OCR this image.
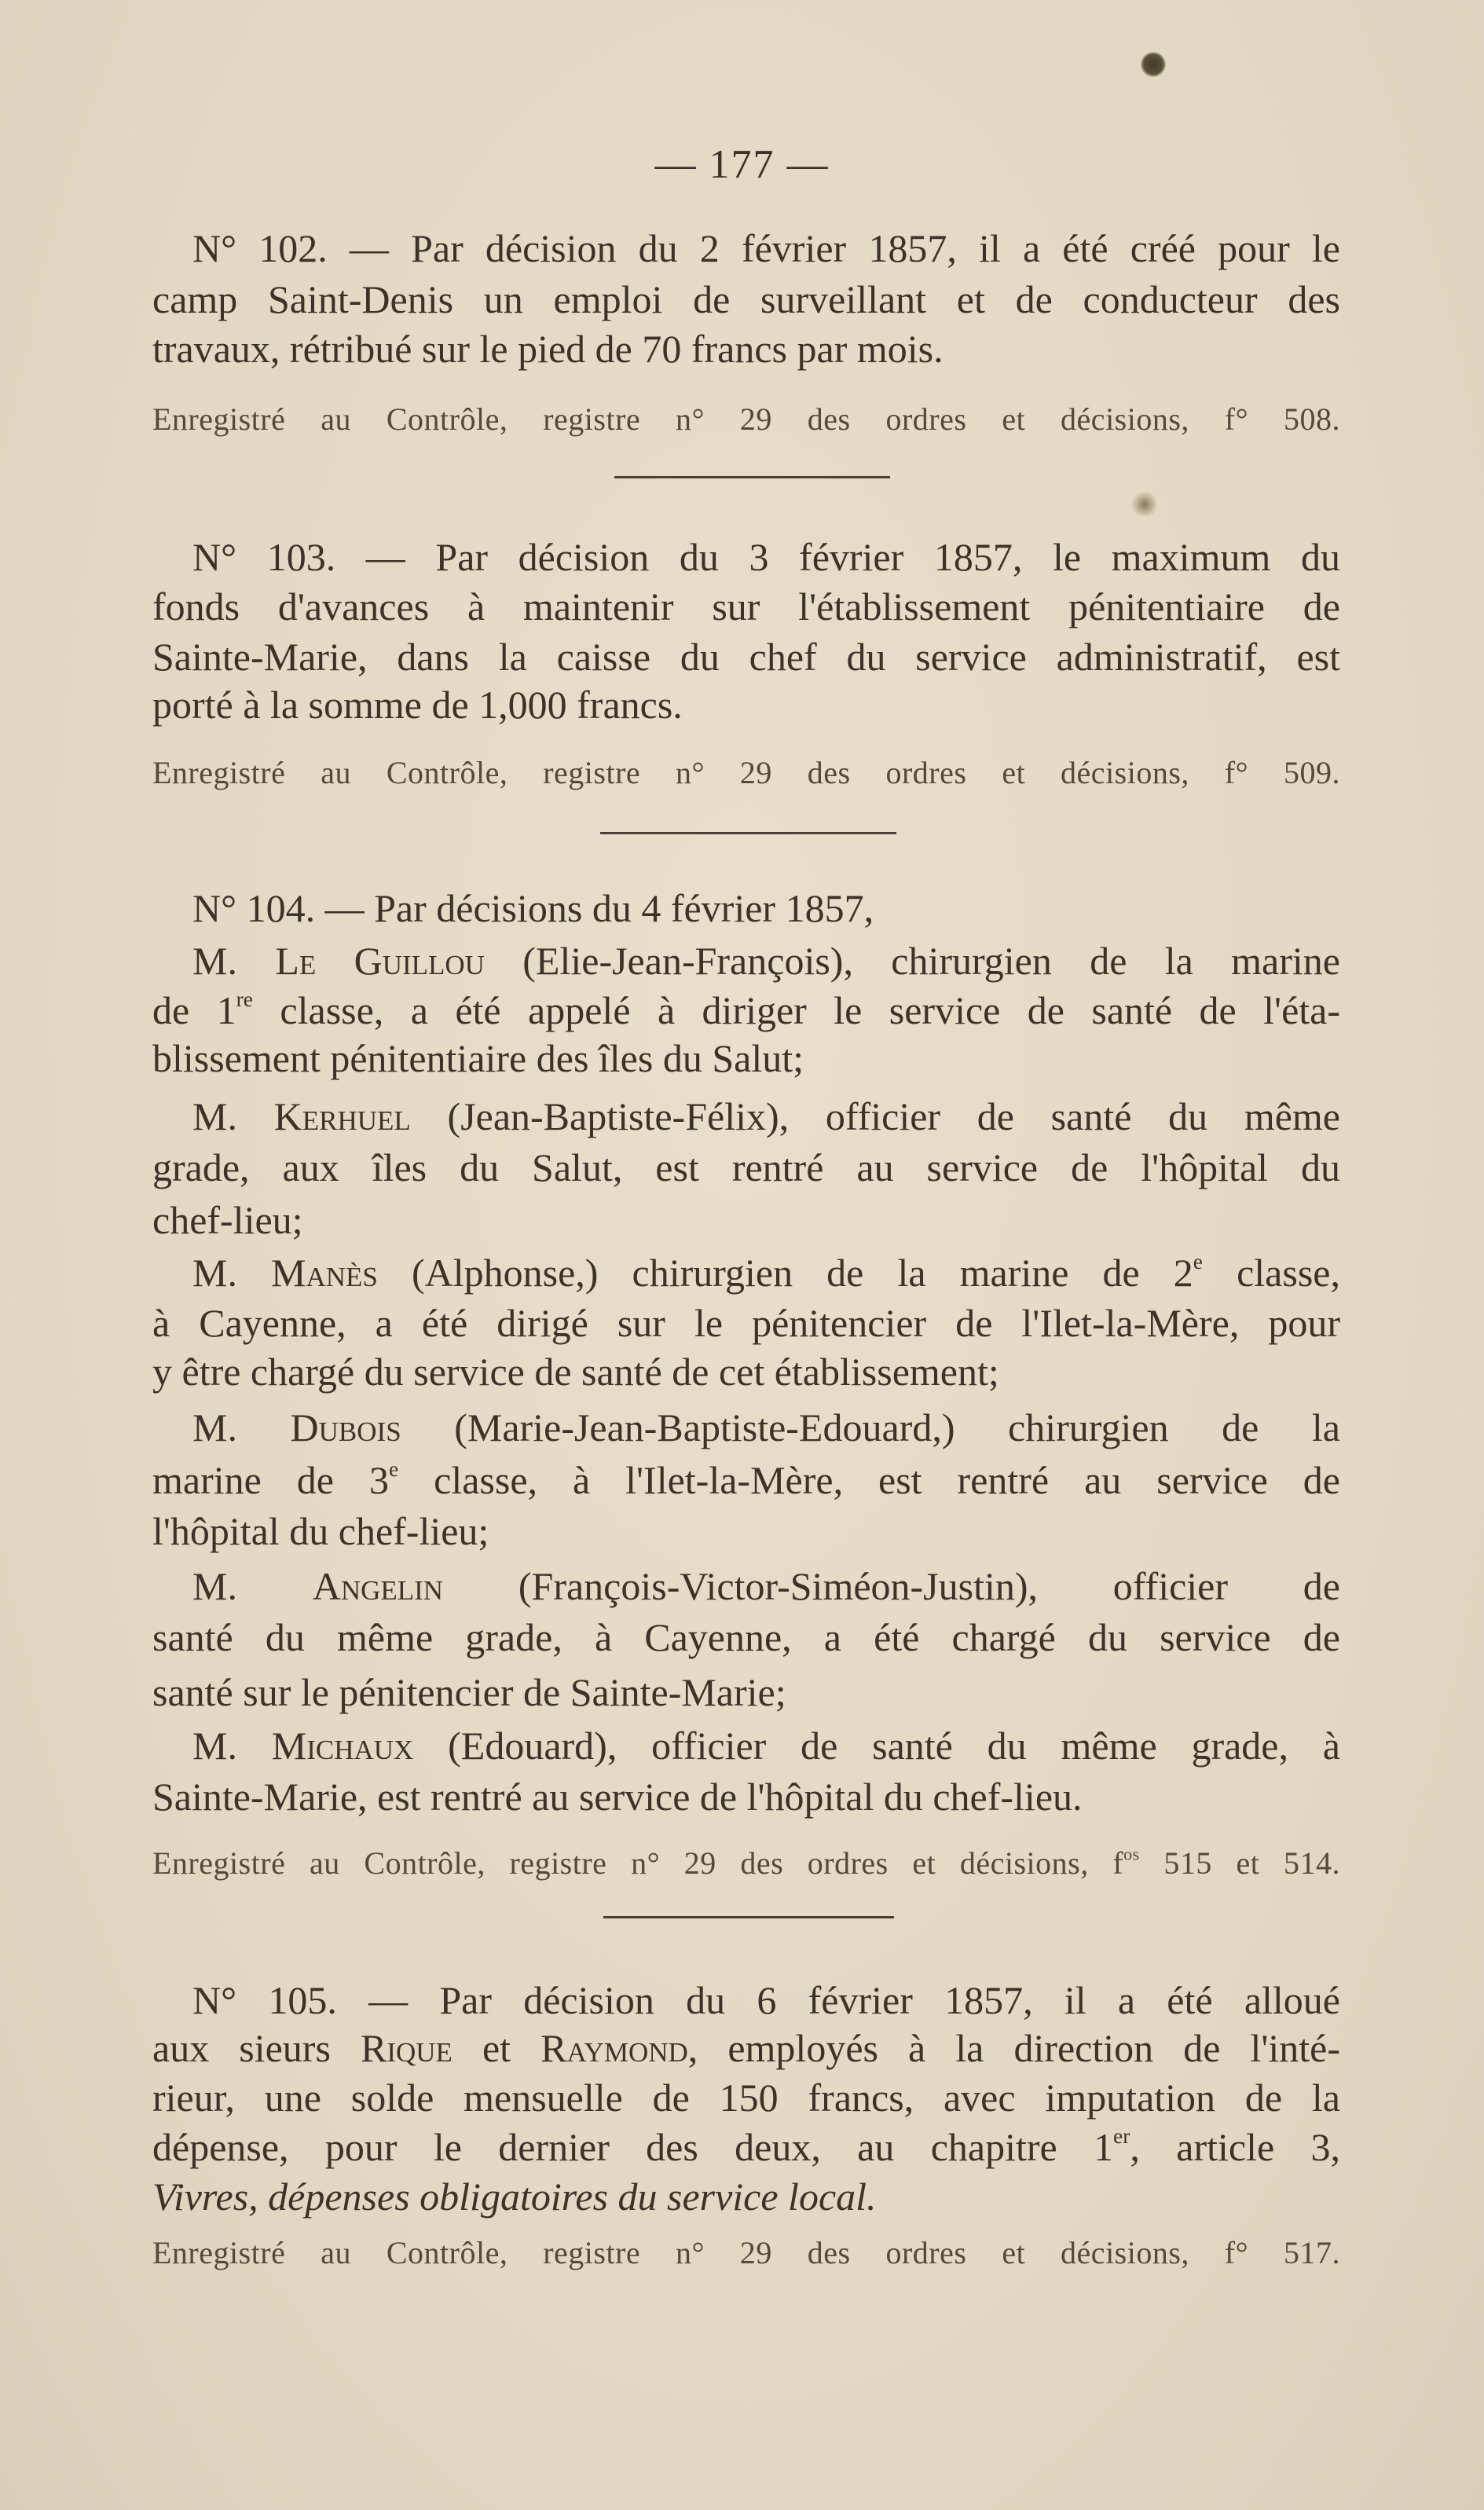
— 177 —
N° 102. — Par décision du 2 février 1857, il a été créé pour le
camp Saint-Denis un emploi de surveillant et de conducteur des
travaux, rétribué sur le pied de 70 francs par mois.
Enregistré au Contrôle, registre n° 29 des ordres et décisions, f° 508.
N° 103. — Par décision du 3 février 1857, le maximum du
fonds d'avances à maintenir sur l'établissement pénitentiaire de
Sainte-Marie, dans la caisse du chef du service administratif, est
porté à la somme de 1,000 francs.
Enregistré au Contrôle, registre n° 29 des ordres et décisions, f° 509.
N° 104. — Par décisions du 4 février 1857,
M. Le Guillou (Elie-Jean-François), chirurgien de la marine
de 1re classe, a été appelé à diriger le service de santé de l'éta-
blissement pénitentiaire des îles du Salut;
M. Kerhuel (Jean-Baptiste-Félix), officier de santé du même
grade, aux îles du Salut, est rentré au service de l'hôpital du
chef-lieu;
M. Manès (Alphonse,) chirurgien de la marine de 2e classe,
à Cayenne, a été dirigé sur le pénitencier de l'Ilet-la-Mère, pour
y être chargé du service de santé de cet établissement;
M. Dubois (Marie-Jean-Baptiste-Edouard,) chirurgien de la
marine de 3e classe, à l'Ilet-la-Mère, est rentré au service de
l'hôpital du chef-lieu;
M. Angelin (François-Victor-Siméon-Justin), officier de
santé du même grade, à Cayenne, a été chargé du service de
santé sur le pénitencier de Sainte-Marie;
M. Michaux (Edouard), officier de santé du même grade, à
Sainte-Marie, est rentré au service de l'hôpital du chef-lieu.
Enregistré au Contrôle, registre n° 29 des ordres et décisions, $f^{os}$ 515 et 514.
N° 105. — Par décision du 6 février 1857, il a été alloué
aux sieurs Rique et Raymond, employés à la direction de l'inté-
rieur, une solde mensuelle de 150 francs, avec imputation de la
dépense, pour le dernier des deux, au chapitre 1er, article 3,
Vivres, dépenses obligatoires du service local.
Enregistré au Contrôle, registre n° 29 des ordres et décisions, f° 517.
